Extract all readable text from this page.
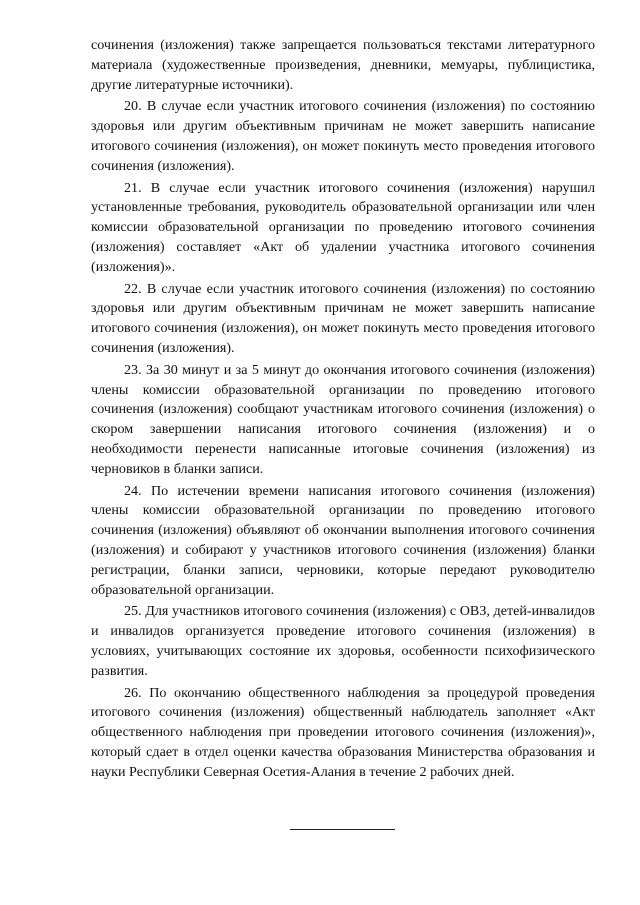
сочинения (изложения) также запрещается пользоваться текстами литературного материала (художественные произведения, дневники, мемуары, публицистика, другие литературные источники).

20. В случае если участник итогового сочинения (изложения) по состоянию здоровья или другим объективным причинам не может завершить написание итогового сочинения (изложения), он может покинуть место проведения итогового сочинения (изложения).

21. В случае если участник итогового сочинения (изложения) нарушил установленные требования, руководитель образовательной организации или член комиссии образовательной организации по проведению итогового сочинения (изложения) составляет «Акт об удалении участника итогового сочинения (изложения)».

22. В случае если участник итогового сочинения (изложения) по состоянию здоровья или другим объективным причинам не может завершить написание итогового сочинения (изложения), он может покинуть место проведения итогового сочинения (изложения).

23. За 30 минут и за 5 минут до окончания итогового сочинения (изложения) члены комиссии образовательной организации по проведению итогового сочинения (изложения) сообщают участникам итогового сочинения (изложения) о скором завершении написания итогового сочинения (изложения) и о необходимости перенести написанные итоговые сочинения (изложения) из черновиков в бланки записи.

24. По истечении времени написания итогового сочинения (изложения) члены комиссии образовательной организации по проведению итогового сочинения (изложения) объявляют об окончании выполнения итогового сочинения (изложения) и собирают у участников итогового сочинения (изложения) бланки регистрации, бланки записи, черновики, которые передают руководителю образовательной организации.

25. Для участников итогового сочинения (изложения) с ОВЗ, детей-инвалидов и инвалидов организуется проведение итогового сочинения (изложения) в условиях, учитывающих состояние их здоровья, особенности психофизического развития.

26. По окончанию общественного наблюдения за процедурой проведения итогового сочинения (изложения) общественный наблюдатель заполняет «Акт общественного наблюдения при проведении итогового сочинения (изложения)», который сдает в отдел оценки качества образования Министерства образования и науки Республики Северная Осетия-Алания в течение 2 рабочих дней.
